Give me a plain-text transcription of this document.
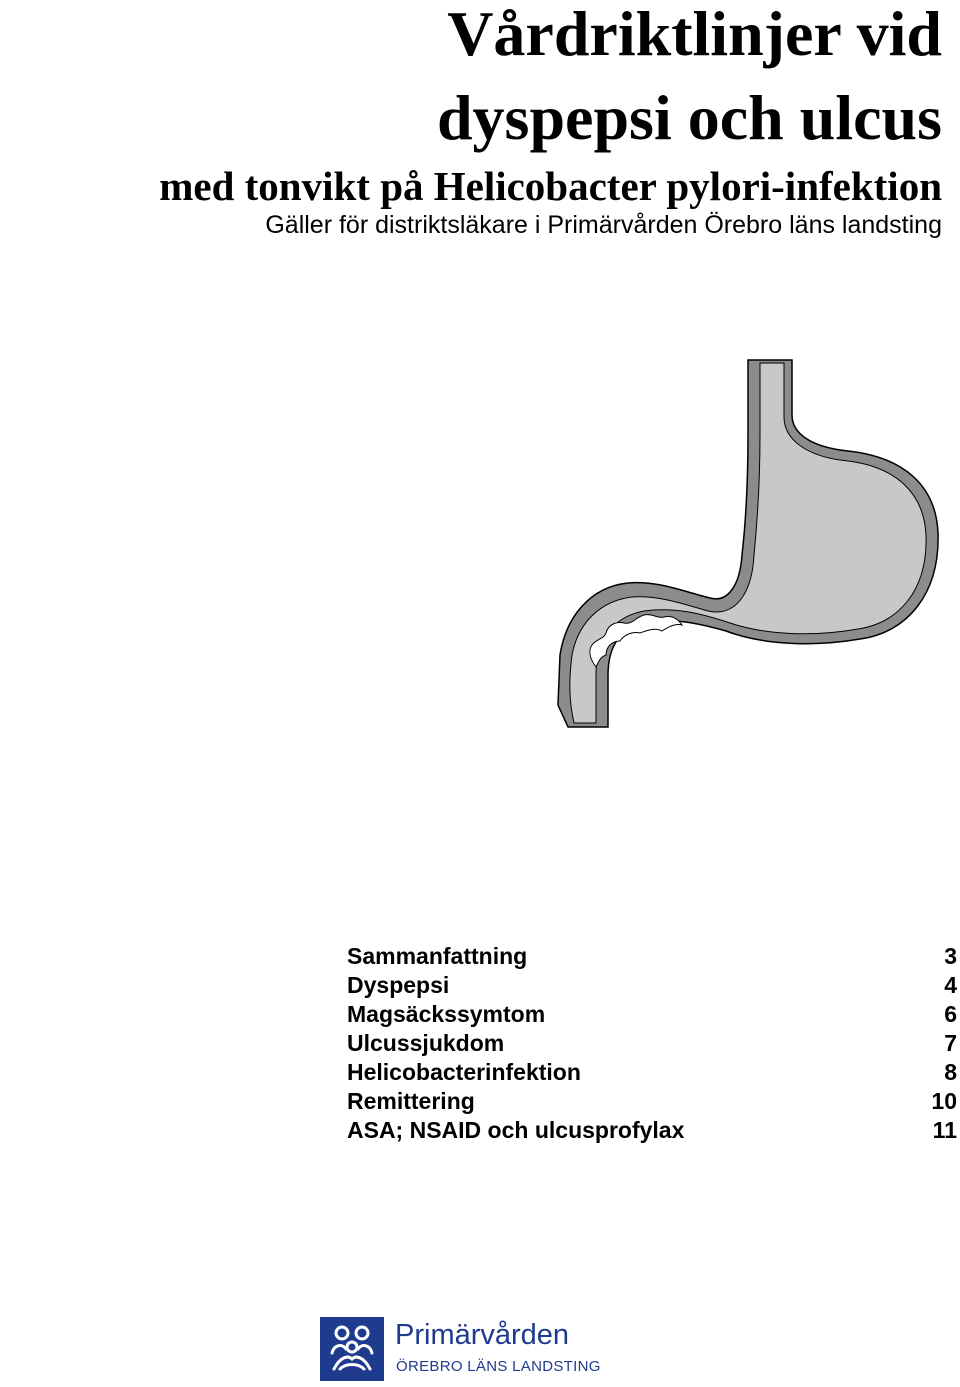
Vårdriktlinjer vid
dyspepsi och ulcus
med tonvikt på Helicobacter pylori-infektion

Gäller för distriktsläkare i Primärvården Örebro läns landsting

Sammanfattning	3
Dyspepsi	4
Magsäckssymtom	6
Ulcussjukdom	7
Helicobacterinfektion	8
Remittering	10
ASA; NSAID och ulcusprofylax	11
Primärvården
ÖREBRO LÄNS LANDSTING
